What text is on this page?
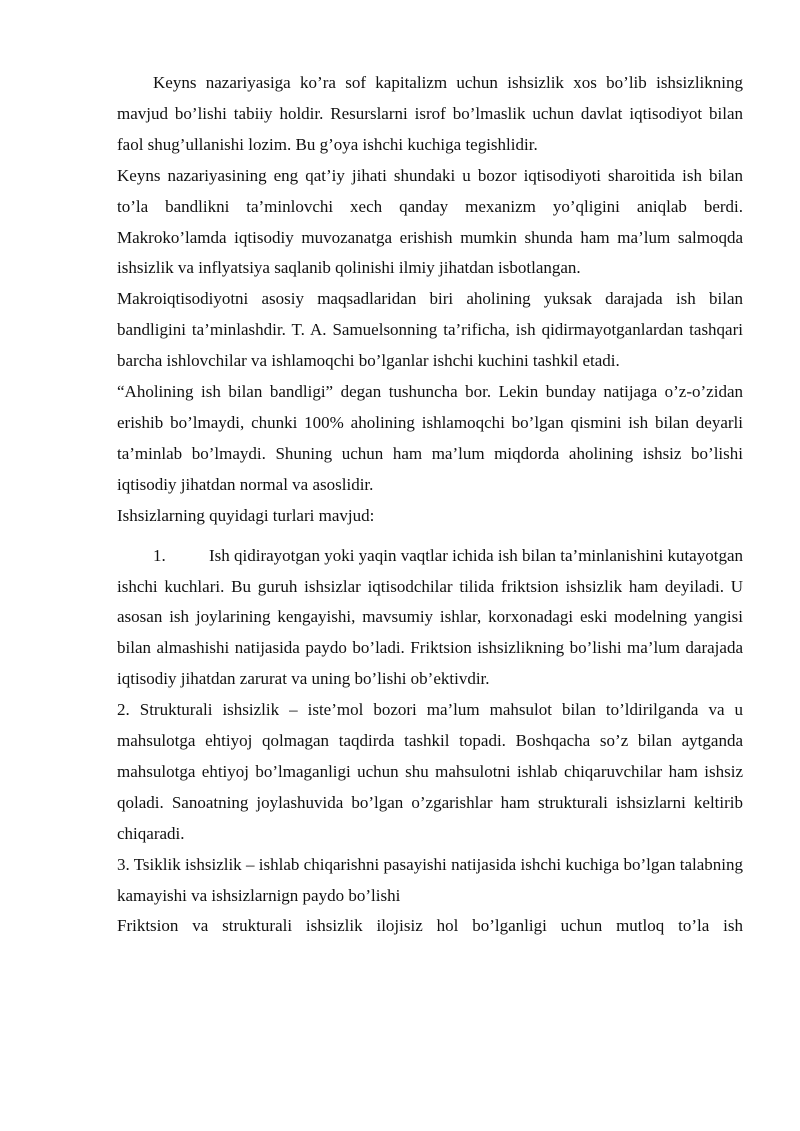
Keyns nazariyasiga ko’ra sof kapitalizm uchun ishsizlik xos bo’lib ishsizlikning mavjud bo’lishi tabiiy holdir. Resurslarni isrof bo’lmaslik uchun davlat iqtisodiyot bilan faol shug’ullanishi lozim. Bu g’oya ishchi kuchiga tegishlidir.

Keyns nazariyasining eng qat’iy jihati shundaki u bozor iqtisodiyoti sharoitida ish bilan to’la bandlikni ta’minlovchi xech qanday mexanizm yo’qligini aniqlab berdi. Makroko’lamda iqtisodiy muvozanatga erishish mumkin shunda ham ma’lum salmoqda ishsizlik va inflyatsiya saqlanib qolinishi ilmiy jihatdan isbotlangan.

Makroiqtisodiyotni asosiy maqsadlaridan biri aholining yuksak darajada ish bilan bandligini ta’minlashdir. T. A. Samuelsonning ta’rificha, ish qidirmayotganlardan tashqari barcha ishlovchilar va ishlamoqchi bo’lganlar ishchi kuchini tashkil etadi.

“Aholining ish bilan bandligi” degan tushuncha bor. Lekin bunday natijaga o’z-o’zidan erishib bo’lmaydi, chunki 100% aholining ishlamoqchi bo’lgan qismini ish bilan deyarli ta’minlab bo’lmaydi. Shuning uchun ham ma’lum miqdorda aholining ishsiz bo’lishi iqtisodiy jihatdan normal va asoslidir.

Ishsizlarning quyidagi turlari mavjud:

1.	Ish qidirayotgan yoki yaqin vaqtlar ichida ish bilan ta’minlanishini kutayotgan ishchi kuchlari. Bu guruh ishsizlar iqtisodchilar tilida friktsion ishsizlik ham deyiladi. U asosan ish joylarining kengayishi, mavsumiy ishlar, korxonadagi eski modelning yangisi bilan almashishi natijasida paydo bo’ladi. Friktsion ishsizlikning bo’lishi ma’lum darajada iqtisodiy jihatdan zarurat va uning bo’lishi ob’ektivdir.

2. Strukturali ishsizlik – iste’mol bozori ma’lum mahsulot bilan to’ldirilganda va u mahsulotga ehtiyoj qolmagan taqdirda tashkil topadi. Boshqacha so’z bilan aytganda mahsulotga ehtiyoj bo’lmaganligi uchun shu mahsulotni ishlab chiqaruvchilar ham ishsiz qoladi. Sanoatning joylashuvida bo’lgan o’zgarishlar ham strukturali ishsizlarni keltirib chiqaradi.

3. Tsiklik ishsizlik – ishlab chiqarishni pasayishi natijasida ishchi kuchiga bo’lgan talabning kamayishi va ishsizlarnign paydo bo’lishi

Friktsion va strukturali ishsizlik ilojisiz hol bo’lganligi uchun mutloq to’la ish
